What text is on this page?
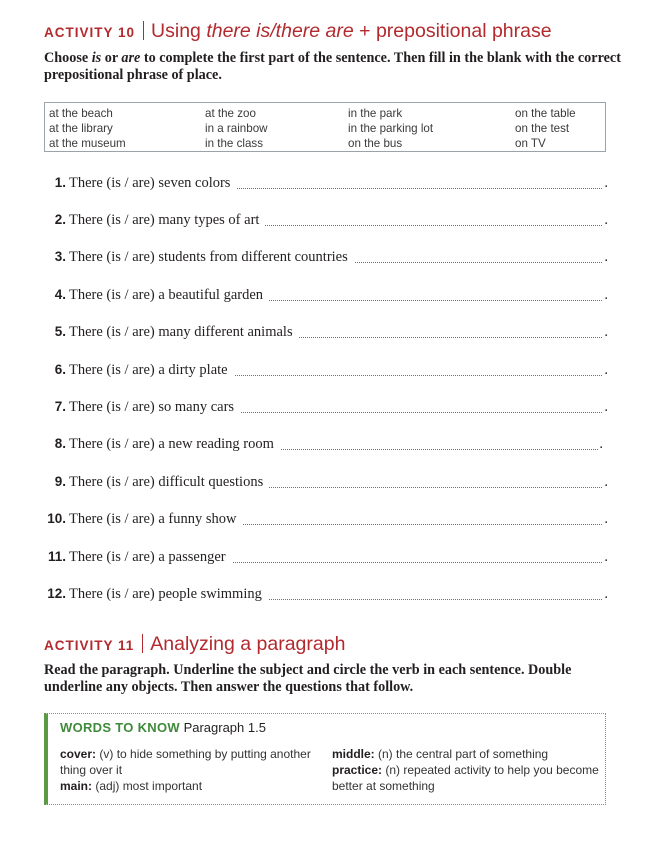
ACTIVITY 10 Using there is/there are + prepositional phrase
Choose is or are to complete the first part of the sentence. Then fill in the blank with the correct prepositional phrase of place.
at the beach	at the zoo	in the park	on the table
at the library	in a rainbow	in the parking lot	on the test
at the museum	in the class	on the bus	on TV
1. There (is / are) seven colors	.
2. There (is / are) many types of art	.
3. There (is / are) students from different countries	.
4. There (is / are) a beautiful garden	.
5. There (is / are) many different animals	.
6. There (is / are) a dirty plate	.
7. There (is / are) so many cars	.
8. There (is / are) a new reading room	.
9. There (is / are) difficult questions	.
10. There (is / are) a funny show	.
11. There (is / are) a passenger	.
12. There (is / are) people swimming	.
ACTIVITY 11 Analyzing a paragraph
Read the paragraph. Underline the subject and circle the verb in each sentence. Double underline any objects. Then answer the questions that follow.
WORDS TO KNOW Paragraph 1.5
cover: (v) to hide something by putting another thing over it
main: (adj) most important
middle: (n) the central part of something
practice: (n) repeated activity to help you become better at something
